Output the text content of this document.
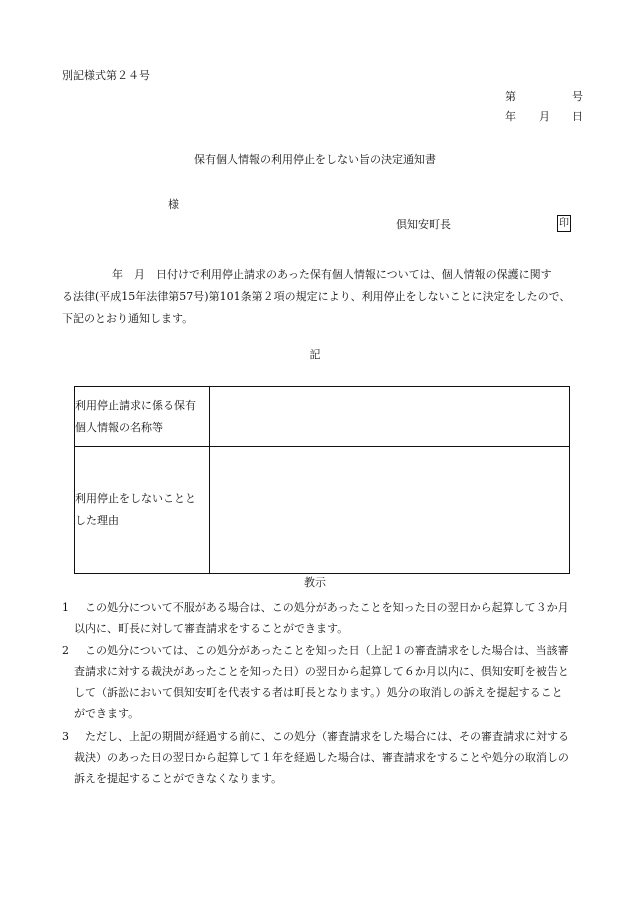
別記様式第２４号
第	号
年 月 日
保有個人情報の利用停止をしない旨の決定通知書
様
倶知安町長	印
年　月　日付けで利用停止請求のあった保有個人情報については、個人情報の保護に関す
る法律(平成15年法律第57号)第101条第２項の規定により、利用停止をしないことに決定をしたので、
下記のとおり通知します。
記
利用停止請求に係る保有
個人情報の名称等	

利用停止をしないことと
した理由	

教示
1 　この処分について不服がある場合は、この処分があったことを知った日の翌日から起算して３か月
以内に、町長に対して審査請求をすることができます。
2 　この処分については、この処分があったことを知った日（上記１の審査請求をした場合は、当該審
査請求に対する裁決があったことを知った日）の翌日から起算して６か月以内に、倶知安町を被告と
して（訴訟において倶知安町を代表する者は町長となります。）処分の取消しの訴えを提起すること
ができます。
3 　ただし、上記の期間が経過する前に、この処分（審査請求をした場合には、その審査請求に対する
裁決）のあった日の翌日から起算して１年を経過した場合は、審査請求をすることや処分の取消しの
訴えを提起することができなくなります。
